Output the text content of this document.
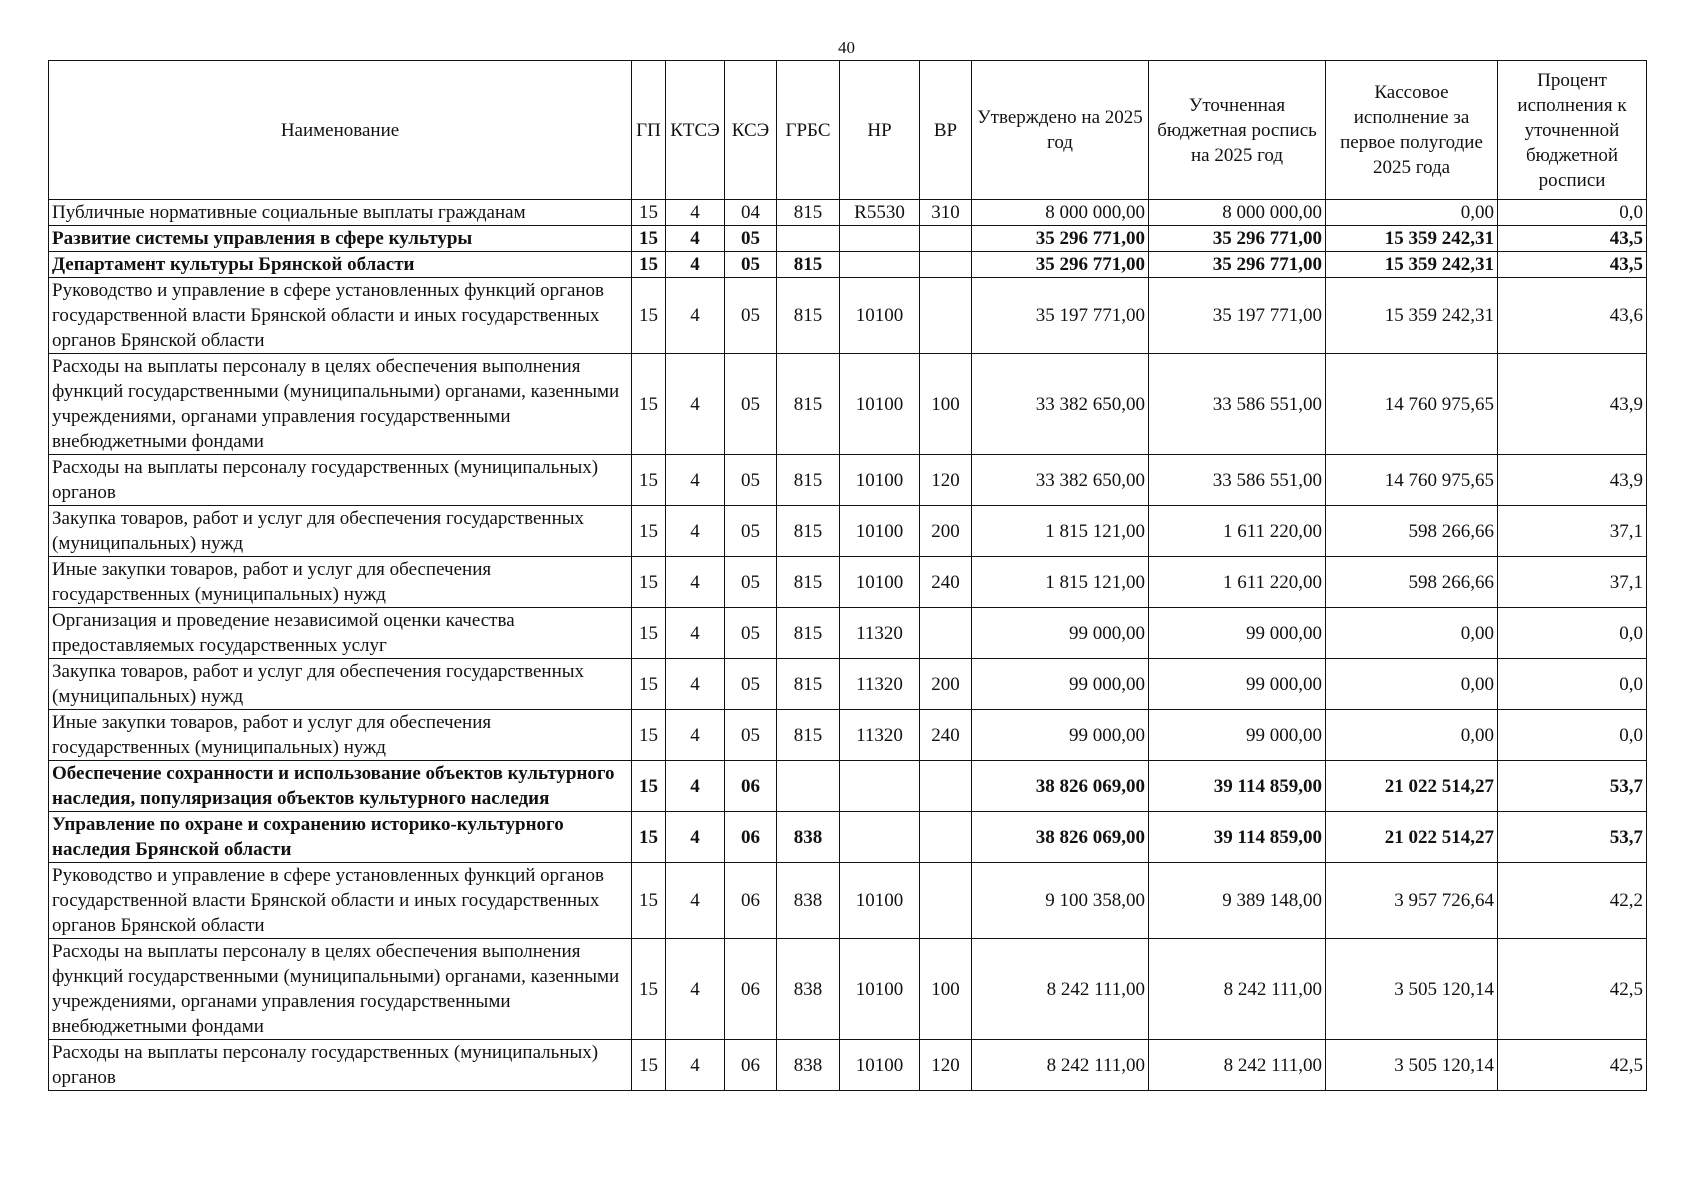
40
Наименование	ГП	КТСЭ	КСЭ	ГРБС	НР	ВР	Утверждено на 2025 год	Уточненная бюджетная роспись на 2025 год	Кассовое исполнение за первое полугодие 2025 года	Процент исполнения к уточненной бюджетной росписи
Публичные нормативные социальные выплаты гражданам	15	4	04	815	R5530	310	8 000 000,00	8 000 000,00	0,00	0,0
Развитие системы управления в сфере культуры	15	4	05				35 296 771,00	35 296 771,00	15 359 242,31	43,5
Департамент культуры Брянской области	15	4	05	815			35 296 771,00	35 296 771,00	15 359 242,31	43,5
Руководство и управление в сфере установленных функций органов государственной власти Брянской области и иных государственных органов Брянской области	15	4	05	815	10100		35 197 771,00	35 197 771,00	15 359 242,31	43,6
Расходы на выплаты персоналу в целях обеспечения выполнения функций государственными (муниципальными) органами, казенными учреждениями, органами управления государственными внебюджетными фондами	15	4	05	815	10100	100	33 382 650,00	33 586 551,00	14 760 975,65	43,9
Расходы на выплаты персоналу государственных (муниципальных) органов	15	4	05	815	10100	120	33 382 650,00	33 586 551,00	14 760 975,65	43,9
Закупка товаров, работ и услуг для обеспечения государственных (муниципальных) нужд	15	4	05	815	10100	200	1 815 121,00	1 611 220,00	598 266,66	37,1
Иные закупки товаров, работ и услуг для обеспечения государственных (муниципальных) нужд	15	4	05	815	10100	240	1 815 121,00	1 611 220,00	598 266,66	37,1
Организация и проведение независимой оценки качества предоставляемых государственных услуг	15	4	05	815	11320		99 000,00	99 000,00	0,00	0,0
Закупка товаров, работ и услуг для обеспечения государственных (муниципальных) нужд	15	4	05	815	11320	200	99 000,00	99 000,00	0,00	0,0
Иные закупки товаров, работ и услуг для обеспечения государственных (муниципальных) нужд	15	4	05	815	11320	240	99 000,00	99 000,00	0,00	0,0
Обеспечение сохранности и использование объектов культурного наследия, популяризация объектов культурного наследия	15	4	06				38 826 069,00	39 114 859,00	21 022 514,27	53,7
Управление по охране и сохранению историко-культурного наследия Брянской области	15	4	06	838			38 826 069,00	39 114 859,00	21 022 514,27	53,7
Руководство и управление в сфере установленных функций органов государственной власти Брянской области и иных государственных органов Брянской области	15	4	06	838	10100		9 100 358,00	9 389 148,00	3 957 726,64	42,2
Расходы на выплаты персоналу в целях обеспечения выполнения функций государственными (муниципальными) органами, казенными учреждениями, органами управления государственными внебюджетными фондами	15	4	06	838	10100	100	8 242 111,00	8 242 111,00	3 505 120,14	42,5
Расходы на выплаты персоналу государственных (муниципальных) органов	15	4	06	838	10100	120	8 242 111,00	8 242 111,00	3 505 120,14	42,5
